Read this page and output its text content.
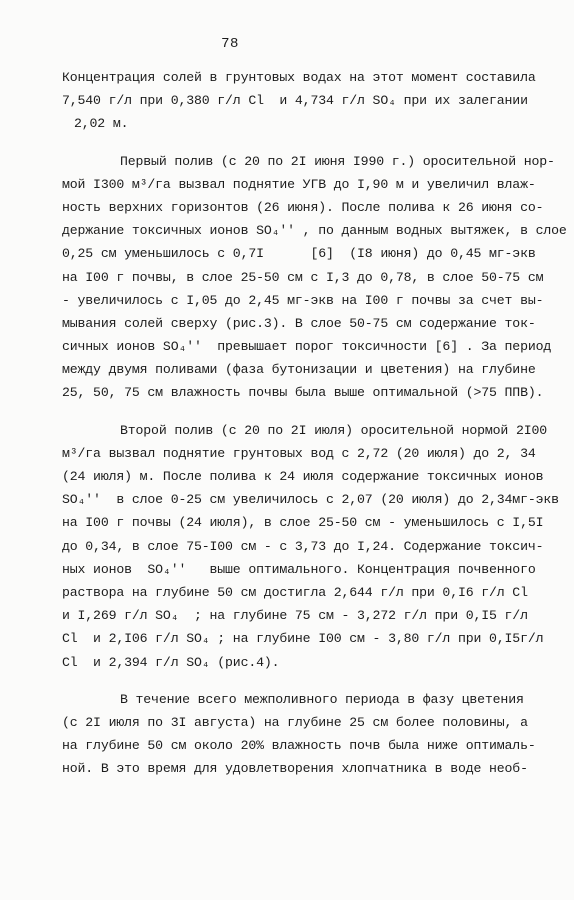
78
Концентрация солей в грунтовых водах на этот момент составила
7,540 г/л при 0,380 г/л Cl  и 4,734 г/л SO₄ при их залегании
2,02 м.
Первый полив (с 20 по 2I июня I990 г.) оросительной нор-
мой I300 м³/га вызвал поднятие УГВ до I,90 м и увеличил влаж-
ность верхних горизонтов (26 июня). После полива к 26 июня со-
держание токсичных ионов SO₄'' , по данным водных вытяжек, в слое
0,25 см уменьшилось с 0,7I      [6]  (I8 июня) до 0,45 мг-экв
на I00 г почвы, в слое 25-50 см с I,3 до 0,78, в слое 50-75 см
- увеличилось с I,05 до 2,45 мг-экв на I00 г почвы за счет вы-
мывания солей сверху (рис.3). В слое 50-75 см содержание ток-
сичных ионов SO₄''  превышает порог токсичности [6] . За период
между двумя поливами (фаза бутонизации и цветения) на глубине
25, 50, 75 см влажность почвы была выше оптимальной (>75 ППВ).
Второй полив (с 20 по 2I июля) оросительной нормой 2I00
м³/га вызвал поднятие грунтовых вод с 2,72 (20 июля) до 2, 34
(24 июля) м. После полива к 24 июля содержание токсичных ионов
SO₄''  в слое 0-25 см увеличилось с 2,07 (20 июля) до 2,34мг-экв
на I00 г почвы (24 июля), в слое 25-50 см - уменьшилось с I,5I
до 0,34, в слое 75-I00 см - с 3,73 до I,24. Содержание токсич-
ных ионов  SO₄''   выше оптимального. Концентрация почвенного
раствора на глубине 50 см достигла 2,644 г/л при 0,I6 г/л Cl
и I,269 г/л SO₄  ; на глубине 75 см - 3,272 г/л при 0,I5 г/л
Cl  и 2,I06 г/л SO₄ ; на глубине I00 см - 3,80 г/л при 0,I5г/л
Cl  и 2,394 г/л SO₄ (рис.4).
В течение всего межполивного периода в фазу цветения
(с 2I июля по 3I августа) на глубине 25 см более половины, а
на глубине 50 см около 20% влажность почв была ниже оптималь-
ной. В это время для удовлетворения хлопчатника в воде необ-
